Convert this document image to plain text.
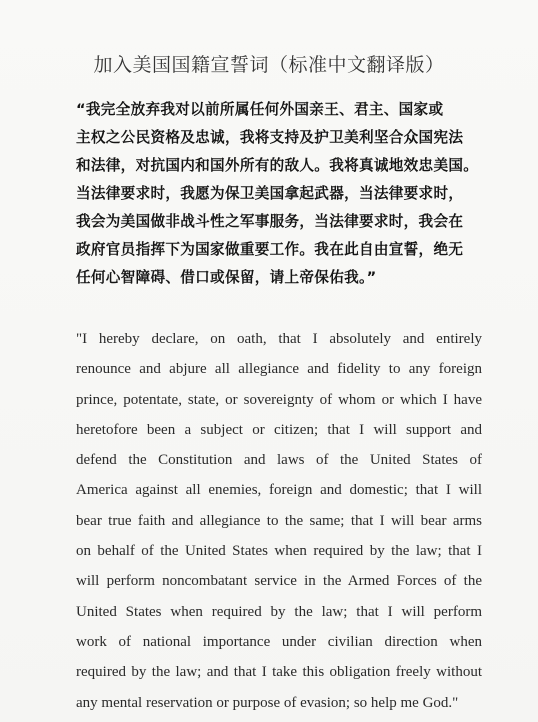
加入美国国籍宣誓词（标准中文翻译版）
“我完全放弃我对以前所属任何外国亲王、君主、国家或
主权之公民资格及忠诚，我将支持及护卫美利坚合众国宪法
和法律，对抗国内和国外所有的敌人。我将真诚地效忠美国。
当法律要求时，我愿为保卫美国拿起武器，当法律要求时，
我会为美国做非战斗性之军事服务，当法律要求时，我会在
政府官员指挥下为国家做重要工作。我在此自由宣誓，绝无
任何心智障碍、借口或保留，请上帝保佑我。”
"I hereby declare, on oath, that I absolutely and entirely
renounce and abjure all allegiance and fidelity to any foreign
prince, potentate, state, or sovereignty of whom or which I have
heretofore been a subject or citizen; that I will support and
defend the Constitution and laws of the United States of
America against all enemies, foreign and domestic; that I will
bear true faith and allegiance to the same; that I will bear arms
on behalf of the United States when required by the law; that I
will perform noncombatant service in the Armed Forces of the
United States when required by the law; that I will perform
work of national importance under civilian direction when
required by the law; and that I take this obligation freely without
any mental reservation or purpose of evasion; so help me God."
